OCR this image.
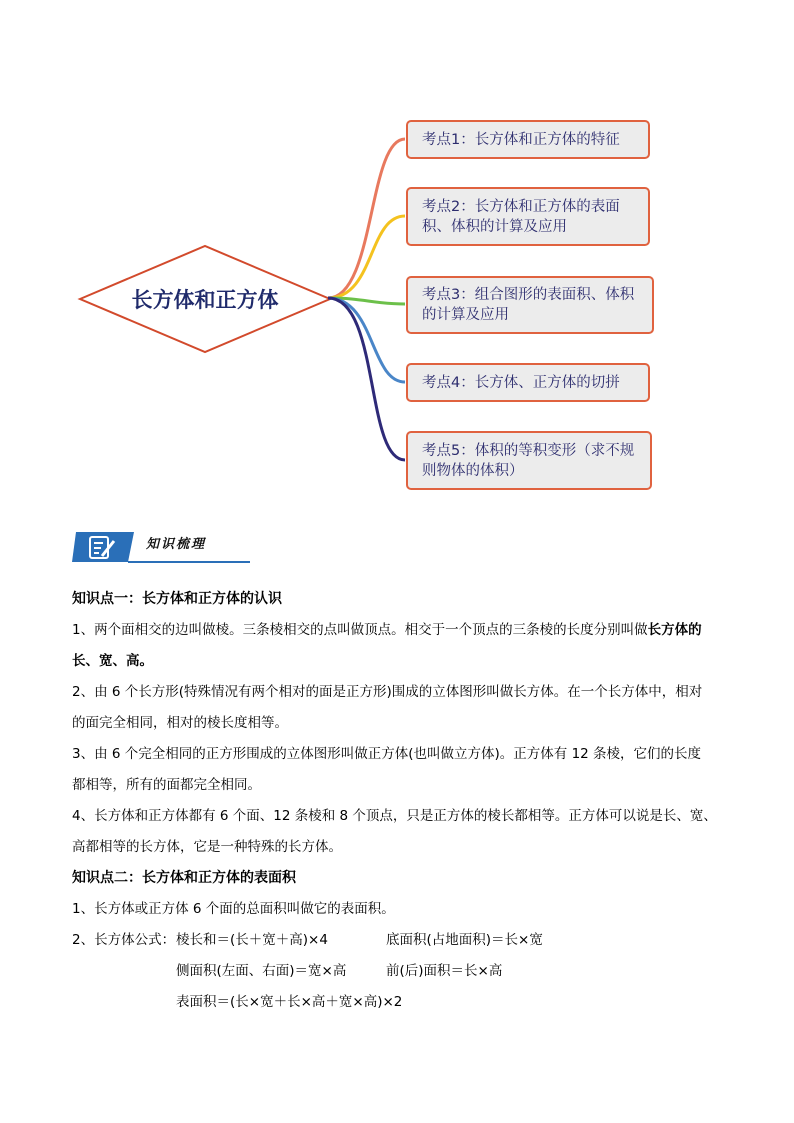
长方体和正方体
考点1：长方体和正方体的特征
考点2：长方体和正方体的表面积、体积的计算及应用
考点3：组合图形的表面积、体积的计算及应用
考点4：长方体、正方体的切拼
考点5：体积的等积变形（求不规则物体的体积）
知识梳理

知识点一：长方体和正方体的认识

1、两个面相交的边叫做棱。三条棱相交的点叫做顶点。相交于一个顶点的三条棱的长度分别叫做长方体的

长、宽、高。

2、由 6 个长方形(特殊情况有两个相对的面是正方形)围成的立体图形叫做长方体。在一个长方体中，相对

的面完全相同，相对的棱长度相等。

3、由 6 个完全相同的正方形围成的立体图形叫做正方体(也叫做立方体)。正方体有 12 条棱，它们的长度

都相等，所有的面都完全相同。

4、长方体和正方体都有 6 个面、12 条棱和 8 个顶点，只是正方体的棱长都相等。正方体可以说是长、宽、

高都相等的长方体，它是一种特殊的长方体。

知识点二：长方体和正方体的表面积

1、长方体或正方体 6 个面的总面积叫做它的表面积。

2、长方体公式： 棱长和＝(长＋宽＋高)×4	底面积(占地面积)＝长×宽
侧面积(左面、右面)＝宽×高	前(后)面积＝长×高
表面积＝(长×宽＋长×高＋宽×高)×2
